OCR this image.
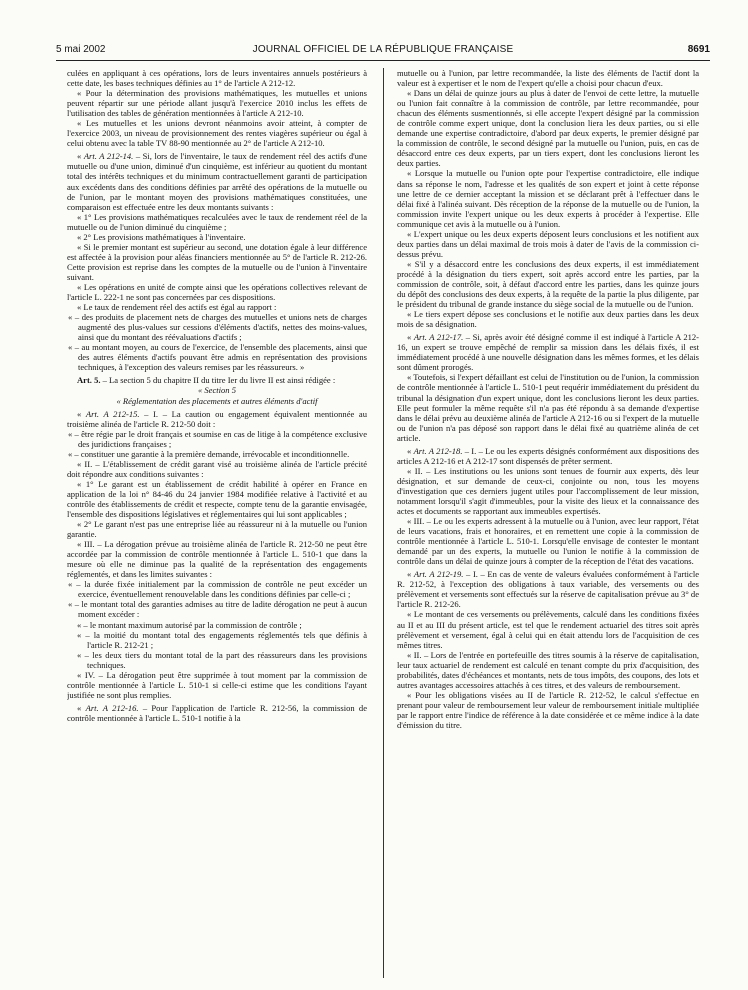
5 mai 2002	JOURNAL OFFICIEL DE LA RÉPUBLIQUE FRANÇAISE	8691

culées en appliquant à ces opérations, lors de leurs inventaires annuels postérieurs à cette date, les bases techniques définies au 1° de l'article A 212-12.

« Pour la détermination des provisions mathématiques, les mutuelles et unions peuvent répartir sur une période allant jusqu'à l'exercice 2010 inclus les effets de l'utilisation des tables de génération mentionnées à l'article A 212-10.

« Les mutuelles et les unions devront néanmoins avoir atteint, à compter de l'exercice 2003, un niveau de provisionnement des rentes viagères supérieur ou égal à celui obtenu avec la table TV 88-90 mentionnée au 2° de l'article A 212-10.

« Art. A 212-14. – Si, lors de l'inventaire, le taux de rendement réel des actifs d'une mutuelle ou d'une union, diminué d'un cinquième, est inférieur au quotient du montant total des intérêts techniques et du minimum contractuellement garanti de participation aux excédents dans des conditions définies par arrêté des opérations de la mutuelle ou de l'union, par le montant moyen des provisions mathématiques constituées, une comparaison est effectuée entre les deux montants suivants :

« 1° Les provisions mathématiques recalculées avec le taux de rendement réel de la mutuelle ou de l'union diminué du cinquième ;

« 2° Les provisions mathématiques à l'inventaire.

« Si le premier montant est supérieur au second, une dotation égale à leur différence est affectée à la provision pour aléas financiers mentionnée au 5° de l'article R. 212-26. Cette provision est reprise dans les comptes de la mutuelle ou de l'union à l'inventaire suivant.

« Les opérations en unité de compte ainsi que les opérations collectives relevant de l'article L. 222-1 ne sont pas concernées par ces dispositions.

« Le taux de rendement réel des actifs est égal au rapport :

« – des produits de placement nets de charges des mutuelles et unions nets de charges augmenté des plus-values sur cessions d'éléments d'actifs, nettes des moins-values, ainsi que du montant des réévaluations d'actifs ;

« – au montant moyen, au cours de l'exercice, de l'ensemble des placements, ainsi que des autres éléments d'actifs pouvant être admis en représentation des provisions techniques, à l'exception des valeurs remises par les réassureurs. »

Art. 5. – La section 5 du chapitre II du titre Ier du livre II est ainsi rédigée :

« Section 5

« Réglementation des placements et autres éléments d'actif

« Art. A 212-15. – I. – La caution ou engagement équivalent mentionnée au troisième alinéa de l'article R. 212-50 doit :

« – être régie par le droit français et soumise en cas de litige à la compétence exclusive des juridictions françaises ;

« – constituer une garantie à la première demande, irrévocable et inconditionnelle.

« II. – L'établissement de crédit garant visé au troisième alinéa de l'article précité doit répondre aux conditions suivantes :

« 1° Le garant est un établissement de crédit habilité à opérer en France en application de la loi n° 84-46 du 24 janvier 1984 modifiée relative à l'activité et au contrôle des établissements de crédit et respecte, compte tenu de la garantie envisagée, l'ensemble des dispositions législatives et réglementaires qui lui sont applicables ;

« 2° Le garant n'est pas une entreprise liée au réassureur ni à la mutuelle ou l'union garantie.

« III. – La dérogation prévue au troisième alinéa de l'article R. 212-50 ne peut être accordée par la commission de contrôle mentionnée à l'article L. 510-1 que dans la mesure où elle ne diminue pas la qualité de la représentation des engagements réglementés, et dans les limites suivantes :

« – la durée fixée initialement par la commission de contrôle ne peut excéder un exercice, éventuellement renouvelable dans les conditions définies par celle-ci ;

« – le montant total des garanties admises au titre de ladite dérogation ne peut à aucun moment excéder :

« – le montant maximum autorisé par la commission de contrôle ;

« – la moitié du montant total des engagements réglementés tels que définis à l'article R. 212-21 ;

« – les deux tiers du montant total de la part des réassureurs dans les provisions techniques.

« IV. – La dérogation peut être supprimée à tout moment par la commission de contrôle mentionnée à l'article L. 510-1 si celle-ci estime que les conditions l'ayant justifiée ne sont plus remplies.

« Art. A 212-16. – Pour l'application de l'article R. 212-56, la commission de contrôle mentionnée à l'article L. 510-1 notifie à la

mutuelle ou à l'union, par lettre recommandée, la liste des éléments de l'actif dont la valeur est à expertiser et le nom de l'expert qu'elle a choisi pour chacun d'eux.

« Dans un délai de quinze jours au plus à dater de l'envoi de cette lettre, la mutuelle ou l'union fait connaître à la commission de contrôle, par lettre recommandée, pour chacun des éléments susmentionnés, si elle accepte l'expert désigné par la commission de contrôle comme expert unique, dont la conclusion liera les deux parties, ou si elle demande une expertise contradictoire, d'abord par deux experts, le premier désigné par la commission de contrôle, le second désigné par la mutuelle ou l'union, puis, en cas de désaccord entre ces deux experts, par un tiers expert, dont les conclusions lieront les deux parties.

« Lorsque la mutuelle ou l'union opte pour l'expertise contradictoire, elle indique dans sa réponse le nom, l'adresse et les qualités de son expert et joint à cette réponse une lettre de ce dernier acceptant la mission et se déclarant prêt à l'effectuer dans le délai fixé à l'alinéa suivant. Dès réception de la réponse de la mutuelle ou de l'union, la commission invite l'expert unique ou les deux experts à procéder à l'expertise. Elle communique cet avis à la mutuelle ou à l'union.

« L'expert unique ou les deux experts déposent leurs conclusions et les notifient aux deux parties dans un délai maximal de trois mois à dater de l'avis de la commission ci-dessus prévu.

« S'il y a désaccord entre les conclusions des deux experts, il est immédiatement procédé à la désignation du tiers expert, soit après accord entre les parties, par la commission de contrôle, soit, à défaut d'accord entre les parties, dans les quinze jours du dépôt des conclusions des deux experts, à la requête de la partie la plus diligente, par le président du tribunal de grande instance du siège social de la mutuelle ou de l'union.

« Le tiers expert dépose ses conclusions et le notifie aux deux parties dans les deux mois de sa désignation.

« Art. A 212-17. – Si, après avoir été désigné comme il est indiqué à l'article A 212-16, un expert se trouve empêché de remplir sa mission dans les délais fixés, il est immédiatement procédé à une nouvelle désignation dans les mêmes formes, et les délais sont dûment prorogés.

« Toutefois, si l'expert défaillant est celui de l'institution ou de l'union, la commission de contrôle mentionnée à l'article L. 510-1 peut requérir immédiatement du président du tribunal la désignation d'un expert unique, dont les conclusions lieront les deux parties. Elle peut formuler la même requête s'il n'a pas été répondu à sa demande d'expertise dans le délai prévu au deuxième alinéa de l'article A 212-16 ou si l'expert de la mutuelle ou de l'union n'a pas déposé son rapport dans le délai fixé au quatrième alinéa de cet article.

« Art. A 212-18. – I. – Le ou les experts désignés conformément aux dispositions des articles A 212-16 et A 212-17 sont dispensés de prêter serment.

« II. – Les institutions ou les unions sont tenues de fournir aux experts, dès leur désignation, et sur demande de ceux-ci, conjointe ou non, tous les moyens d'investigation que ces derniers jugent utiles pour l'accomplissement de leur mission, notamment lorsqu'il s'agit d'immeubles, pour la visite des lieux et la connaissance des actes et documents se rapportant aux immeubles expertisés.

« III. – Le ou les experts adressent à la mutuelle ou à l'union, avec leur rapport, l'état de leurs vacations, frais et honoraires, et en remettent une copie à la commission de contrôle mentionnée à l'article L. 510-1. Lorsqu'elle envisage de contester le montant demandé par un des experts, la mutuelle ou l'union le notifie à la commission de contrôle dans un délai de quinze jours à compter de la réception de l'état des vacations.

« Art. A 212-19. – I. – En cas de vente de valeurs évaluées conformément à l'article R. 212-52, à l'exception des obligations à taux variable, des versements ou des prélèvement et versements sont effectués sur la réserve de capitalisation prévue au 3° de l'article R. 212-26.

« Le montant de ces versements ou prélèvements, calculé dans les conditions fixées au II et au III du présent article, est tel que le rendement actuariel des titres soit après prélèvement et versement, égal à celui qui en était attendu lors de l'acquisition de ces mêmes titres.

« II. – Lors de l'entrée en portefeuille des titres soumis à la réserve de capitalisation, leur taux actuariel de rendement est calculé en tenant compte du prix d'acquisition, des probabilités, dates d'échéances et montants, nets de tous impôts, des coupons, des lots et autres avantages accessoires attachés à ces titres, et des valeurs de remboursement.

« Pour les obligations visées au II de l'article R. 212-52, le calcul s'effectue en prenant pour valeur de remboursement leur valeur de remboursement initiale multipliée par le rapport entre l'indice de référence à la date considérée et ce même indice à la date d'émission du titre.
